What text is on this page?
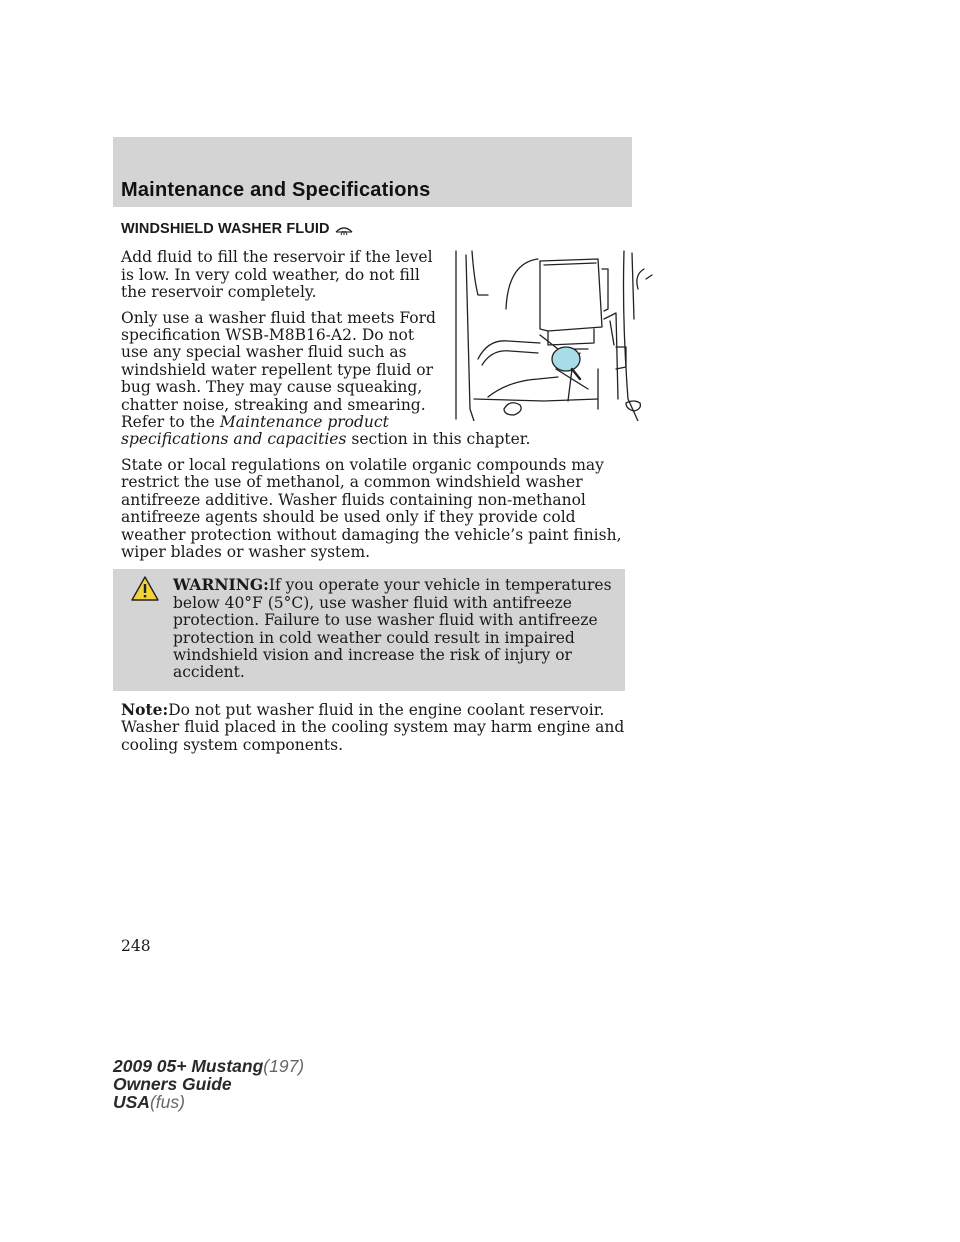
Maintenance and Specifications
WINDSHIELD WASHER FLUID

Add fluid to fill the reservoir if the level is low. In very cold weather, do not fill the reservoir completely.

Only use a washer fluid that meets Ford specification WSB-M8B16-A2. Do not use any special washer fluid such as windshield water repellent type fluid or bug wash. They may cause squeaking, chatter noise, streaking and smearing. Refer to the Maintenance product specifications and capacities section in this chapter.

State or local regulations on volatile organic compounds may restrict the use of methanol, a common windshield washer antifreeze additive. Washer fluids containing non-methanol antifreeze agents should be used only if they provide cold weather protection without damaging the vehicle’s paint finish, wiper blades or washer system.

WARNING:If you operate your vehicle in temperatures below 40°F (5°C), use washer fluid with antifreeze protection. Failure to use washer fluid with antifreeze protection in cold weather could result in impaired windshield vision and increase the risk of injury or accident.

Note:Do not put washer fluid in the engine coolant reservoir. Washer fluid placed in the cooling system may harm engine and cooling system components.

248
2009 05+ Mustang(197)
Owners Guide
USA(fus)
